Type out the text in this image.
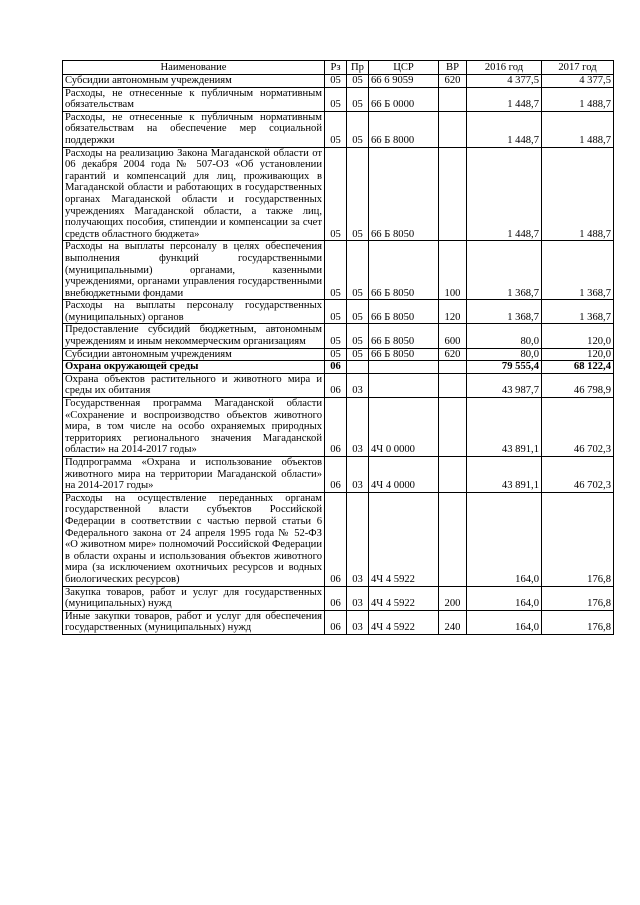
Наименование	Рз	Пр	ЦСР	ВР	2016 год	2017 год
Субсидии автономным учреждениям	05	05	66 6 9059	620	4 377,5	4 377,5
Расходы, не отнесенные к публичным нормативным обязательствам	05	05	66 Б 0000		1 448,7	1 488,7
Расходы, не отнесенные к публичным нормативным обязательствам на обеспечение мер социальной поддержки	05	05	66 Б 8000		1 448,7	1 488,7
Расходы на реализацию Закона Магаданской области от 06 декабря 2004 года № 507-ОЗ «Об установлении гарантий и компенсаций для лиц, проживающих в Магаданской области и работающих в государственных органах Магаданской области и государственных учреждениях Магаданской области, а также лиц, получающих пособия, стипендии и компенсации за счет средств областного бюджета»	05	05	66 Б 8050		1 448,7	1 488,7
Расходы на выплаты персоналу в целях обеспечения выполнения функций государственными (муниципальными) органами, казенными учреждениями, органами управления государственными внебюджетными фондами	05	05	66 Б 8050	100	1 368,7	1 368,7
Расходы на выплаты персоналу государственных (муниципальных) органов	05	05	66 Б 8050	120	1 368,7	1 368,7
Предоставление субсидий бюджетным, автономным учреждениям и иным некоммерческим организациям	05	05	66 Б 8050	600	80,0	120,0
Субсидии автономным учреждениям	05	05	66 Б 8050	620	80,0	120,0
Охрана окружающей среды	06				79 555,4	68 122,4
Охрана объектов растительного и животного мира и среды их обитания	06	03			43 987,7	46 798,9
Государственная программа Магаданской области «Сохранение и воспроизводство объектов животного мира, в том числе на особо охраняемых природных территориях регионального значения Магаданской области» на 2014-2017 годы»	06	03	4Ч 0 0000		43 891,1	46 702,3
Подпрограмма «Охрана и использование объектов животного мира на территории Магаданской области» на 2014-2017 годы»	06	03	4Ч 4 0000		43 891,1	46 702,3
Расходы на осуществление переданных органам государственной власти субъектов Российской Федерации в соответствии с частью первой статьи 6 Федерального закона от 24 апреля 1995 года № 52-ФЗ «О животном мире» полномочий Российской Федерации в области охраны и использования объектов животного мира (за исключением охотничьих ресурсов и водных биологических ресурсов)	06	03	4Ч 4 5922		164,0	176,8
Закупка товаров, работ и услуг для государственных (муниципальных) нужд	06	03	4Ч 4 5922	200	164,0	176,8
Иные закупки товаров, работ и услуг для обеспечения государственных (муниципальных) нужд	06	03	4Ч 4 5922	240	164,0	176,8
